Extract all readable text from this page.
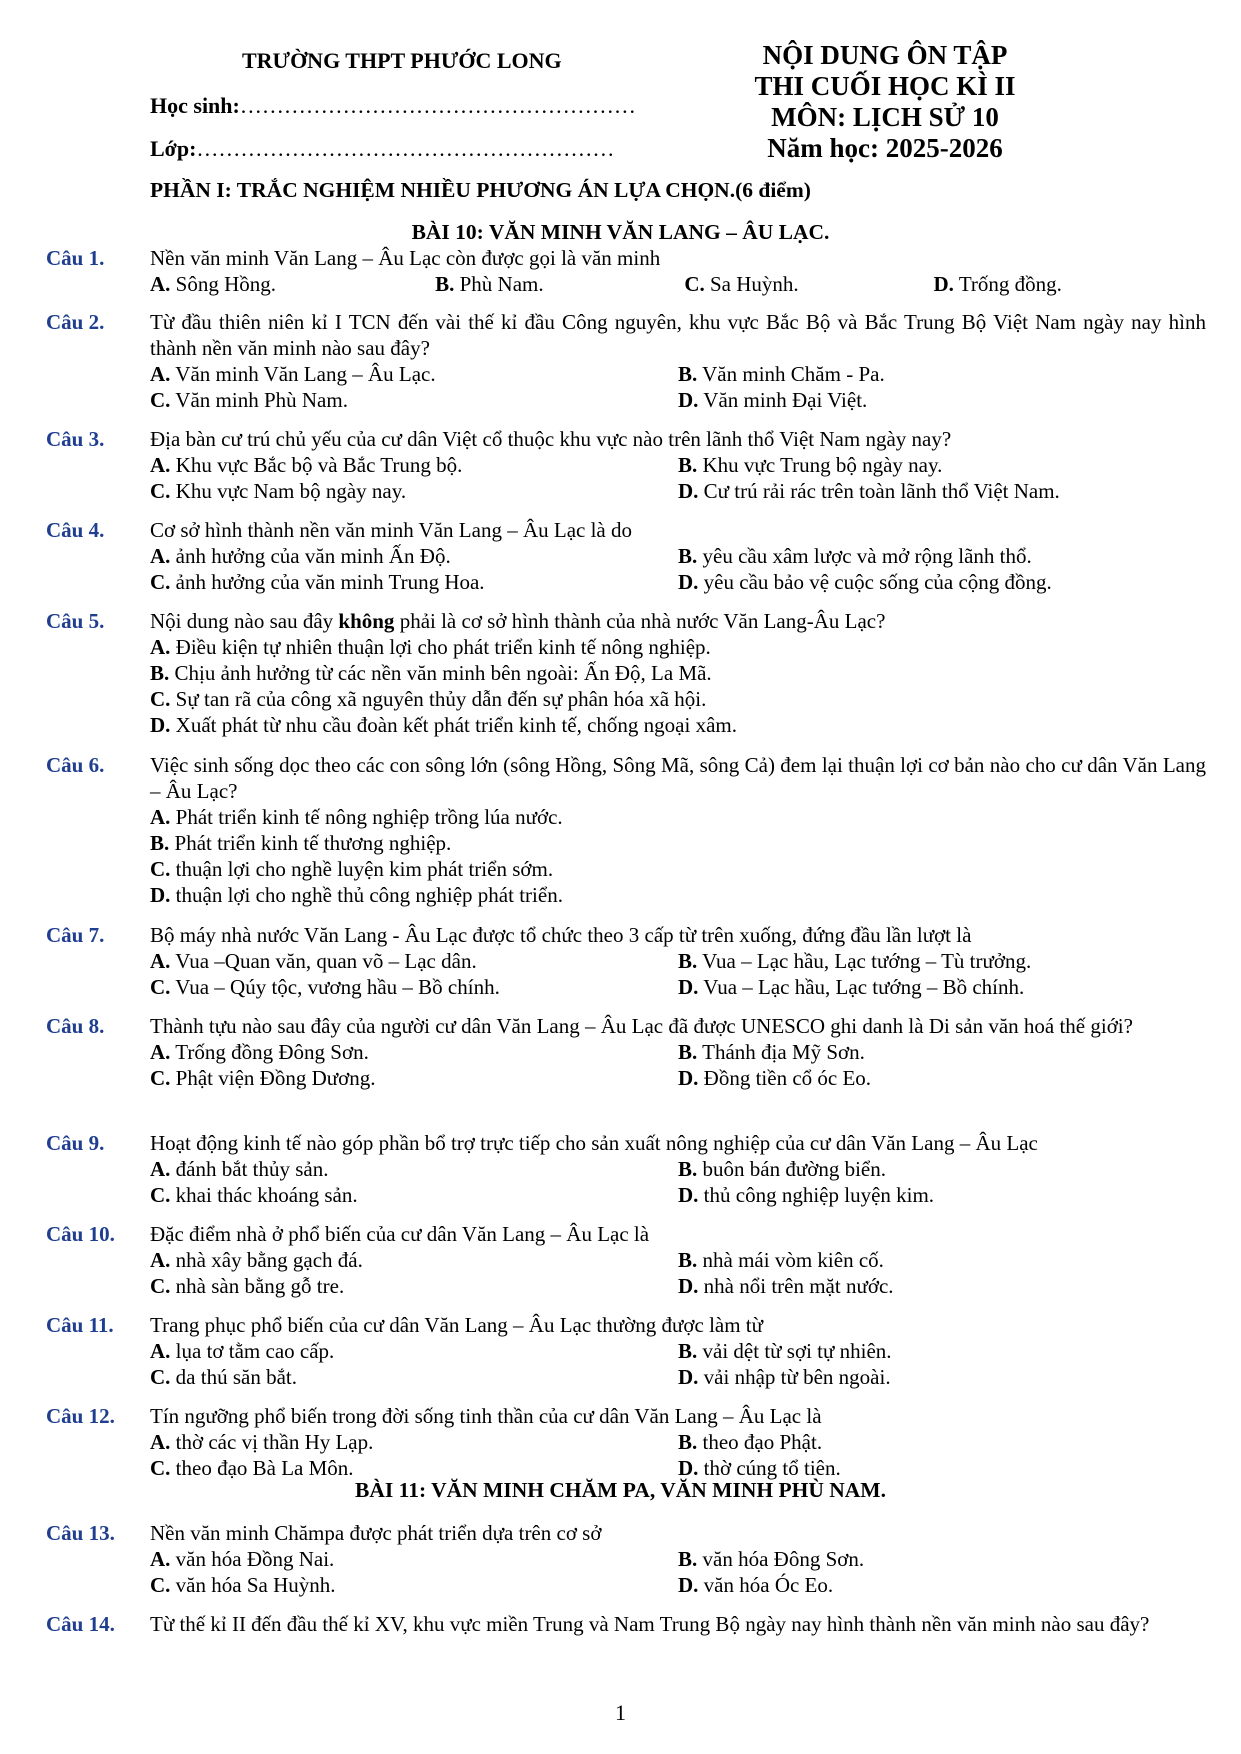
TRƯỜNG THPT PHƯỚC LONG
Học sinh:………………………………………………
Lớp:…………………………………………………
NỘI DUNG ÔN TẬP
THI CUỐI HỌC KÌ II
MÔN: LỊCH SỬ 10
Năm học: 2025-2026
PHẦN I: TRẮC NGHIỆM NHIỀU PHƯƠNG ÁN LỰA CHỌN.(6 điểm)
BÀI 10: VĂN MINH VĂN LANG – ÂU LẠC.
Câu 1. Nền văn minh Văn Lang – Âu Lạc còn được gọi là văn minh
A. Sông Hồng.	B. Phù Nam.	C. Sa Huỳnh.	D. Trống đồng.
Câu 2. Từ đầu thiên niên kỉ I TCN đến vài thế kỉ đầu Công nguyên, khu vực Bắc Bộ và Bắc Trung Bộ Việt Nam ngày nay hình thành nền văn minh nào sau đây?
A. Văn minh Văn Lang – Âu Lạc.	B. Văn minh Chăm - Pa.
C. Văn minh Phù Nam.	D. Văn minh Đại Việt.
Câu 3. Địa bàn cư trú chủ yếu của cư dân Việt cổ thuộc khu vực nào trên lãnh thổ Việt Nam ngày nay?
A. Khu vực Bắc bộ và Bắc Trung bộ.	B. Khu vực Trung bộ ngày nay.
C. Khu vực Nam bộ ngày nay.	D. Cư trú rải rác trên toàn lãnh thổ Việt Nam.
Câu 4. Cơ sở hình thành nền văn minh Văn Lang – Âu Lạc là do
A. ảnh hưởng của văn minh Ấn Độ.	B. yêu cầu xâm lược và mở rộng lãnh thổ.
C. ảnh hưởng của văn minh Trung Hoa.	D. yêu cầu bảo vệ cuộc sống của cộng đồng.
Câu 5. Nội dung nào sau đây không phải là cơ sở hình thành của nhà nước Văn Lang-Âu Lạc?
A. Điều kiện tự nhiên thuận lợi cho phát triển kinh tế nông nghiệp.
B. Chịu ảnh hưởng từ các nền văn minh bên ngoài: Ấn Độ, La Mã.
C. Sự tan rã của công xã nguyên thủy dẫn đến sự phân hóa xã hội.
D. Xuất phát từ nhu cầu đoàn kết phát triển kinh tế, chống ngoại xâm.
Câu 6. Việc sinh sống dọc theo các con sông lớn (sông Hồng, Sông Mã, sông Cả) đem lại thuận lợi cơ bản nào cho cư dân Văn Lang – Âu Lạc?
A. Phát triển kinh tế nông nghiệp trồng lúa nước.
B. Phát triển kinh tế thương nghiệp.
C. thuận lợi cho nghề luyện kim phát triển sớm.
D. thuận lợi cho nghề thủ công nghiệp phát triển.
Câu 7. Bộ máy nhà nước Văn Lang - Âu Lạc được tổ chức theo 3 cấp từ trên xuống, đứng đầu lần lượt là
A. Vua –Quan văn, quan võ – Lạc dân.	B. Vua – Lạc hầu, Lạc tướng – Tù trưởng.
C. Vua – Qúy tộc, vương hầu – Bồ chính.	D. Vua – Lạc hầu, Lạc tướng – Bồ chính.
Câu 8. Thành tựu nào sau đây của người cư dân Văn Lang – Âu Lạc đã được UNESCO ghi danh là Di sản văn hoá thế giới?
A. Trống đồng Đông Sơn.	B. Thánh địa Mỹ Sơn.
C. Phật viện Đồng Dương.	D. Đồng tiền cổ óc Eo.
Câu 9. Hoạt động kinh tế nào góp phần bổ trợ trực tiếp cho sản xuất nông nghiệp của cư dân Văn Lang – Âu Lạc
A. đánh bắt thủy sản.	B. buôn bán đường biển.
C. khai thác khoáng sản.	D. thủ công nghiệp luyện kim.
Câu 10. Đặc điểm nhà ở phổ biến của cư dân Văn Lang – Âu Lạc là
A. nhà xây bằng gạch đá.	B. nhà mái vòm kiên cố.
C. nhà sàn bằng gỗ tre.	D. nhà nổi trên mặt nước.
Câu 11. Trang phục phổ biến của cư dân Văn Lang – Âu Lạc thường được làm từ
A. lụa tơ tằm cao cấp.	B. vải dệt từ sợi tự nhiên.
C. da thú săn bắt.	D. vải nhập từ bên ngoài.
Câu 12. Tín ngưỡng phổ biến trong đời sống tinh thần của cư dân Văn Lang – Âu Lạc là
A. thờ các vị thần Hy Lạp.	B. theo đạo Phật.
C. theo đạo Bà La Môn.	D. thờ cúng tổ tiên.
BÀI 11: VĂN MINH CHĂM PA, VĂN MINH PHÙ NAM.
Câu 13. Nền văn minh Chămpa được phát triển dựa trên cơ sở
A. văn hóa Đồng Nai.	B. văn hóa Đông Sơn.
C. văn hóa Sa Huỳnh.	D. văn hóa Óc Eo.
Câu 14. Từ thế kỉ II đến đầu thế kỉ XV, khu vực miền Trung và Nam Trung Bộ ngày nay hình thành nền văn minh nào sau đây?
1
